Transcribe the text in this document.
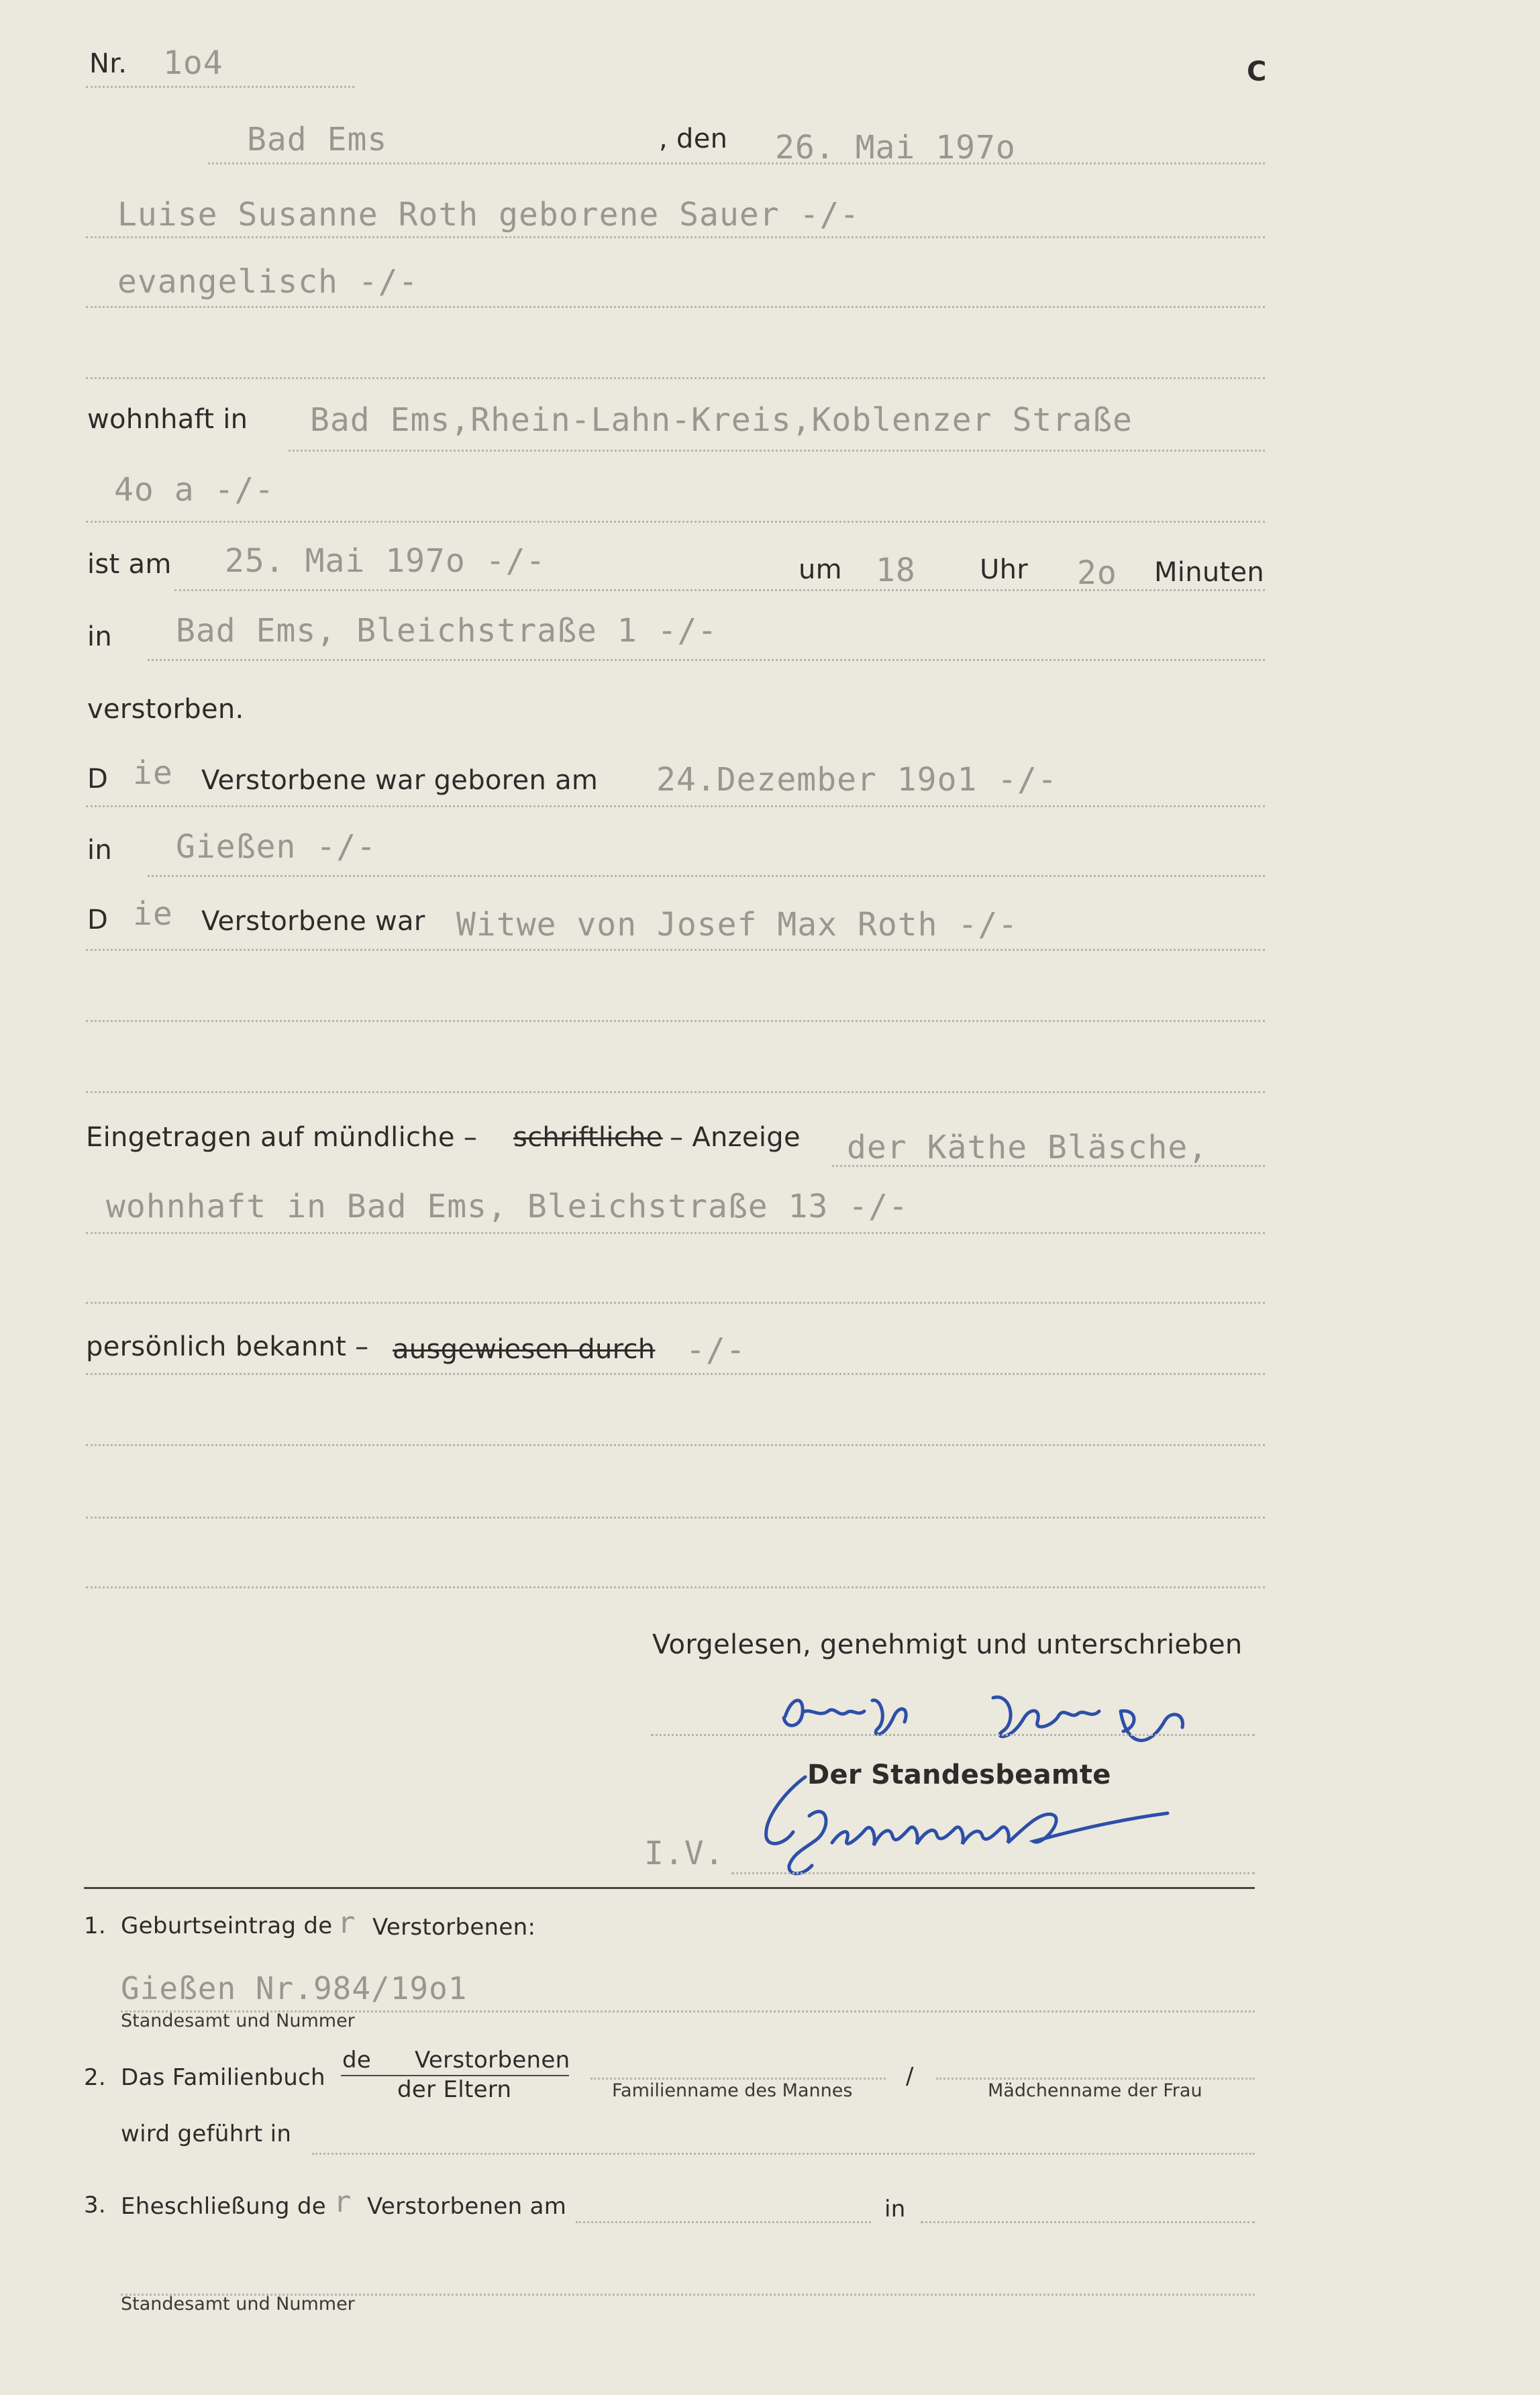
Nr. 1o4	C
Bad Ems	, den 26. Mai 197o
Luise Susanne Roth geborene Sauer -/-
evangelisch -/-
wohnhaft in Bad Ems,Rhein-Lahn-Kreis,Koblenzer Straße
4o a -/-
ist am 25. Mai 197o -/-	um 18 Uhr 2o Minuten
in Bad Ems, Bleichstraße 1 -/-
verstorben.
D ie Verstorbene war geboren am 24.Dezember 19o1 -/-
in Gießen -/-
D ie Verstorbene war Witwe von Josef Max Roth -/-
Eingetragen auf mündliche – schriftliche – Anzeige der Käthe Bläsche,
wohnhaft in Bad Ems, Bleichstraße 13 -/-
persönlich bekannt – ausgewiesen durch -/-
Vorgelesen, genehmigt und unterschrieben
Der Standesbeamte
I.V.
1. Geburtseintrag de r Verstorbenen:
Gießen Nr.984/19o1
Standesamt und Nummer
2. Das Familienbuch
de Verstorbenen
der Eltern	Familienname des Mannes
/
Mädchenname der Frau
wird geführt in
3. Eheschließung de r Verstorbenen am	in
Standesamt und Nummer
